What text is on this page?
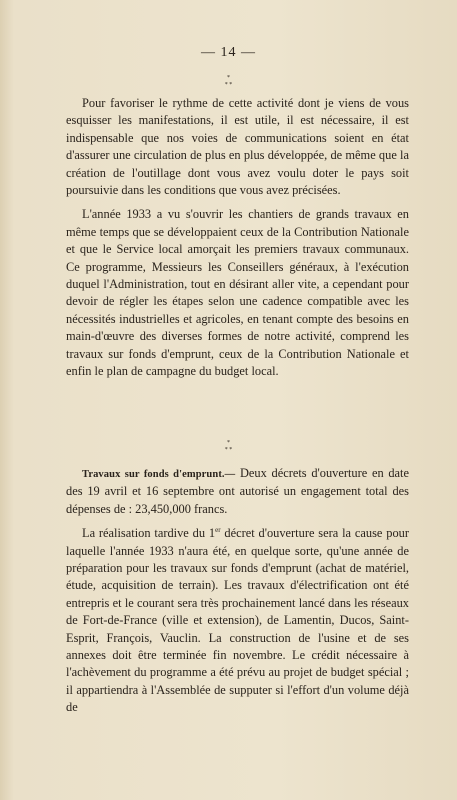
— 14 —
*
* *

Pour favoriser le rythme de cette activité dont je viens de vous esquisser les manifestations, il est utile, il est nécessaire, il est indispensable que nos voies de communications soient en état d'assurer une circulation de plus en plus développée, de même que la création de l'outillage dont vous avez voulu doter le pays soit poursuivie dans les conditions que vous avez précisées.

L'année 1933 a vu s'ouvrir les chantiers de grands travaux en même temps que se développaient ceux de la Contribution Nationale et que le Service local amorçait les premiers travaux communaux. Ce programme, Messieurs les Conseillers généraux, à l'exécution duquel l'Administration, tout en désirant aller vite, a cependant pour devoir de régler les étapes selon une cadence compatible avec les nécessités industrielles et agricoles, en tenant compte des besoins en main-d'œuvre des diverses formes de notre activité, comprend les travaux sur fonds d'emprunt, ceux de la Contribution Nationale et enfin le plan de campagne du budget local.

*
* *

Travaux sur fonds d'emprunt.— Deux décrets d'ouverture en date des 19 avril et 16 septembre ont autorisé un engagement total des dépenses de : 23,450,000 francs.

La réalisation tardive du 1er décret d'ouverture sera la cause pour laquelle l'année 1933 n'aura été, en quelque sorte, qu'une année de préparation pour les travaux sur fonds d'emprunt (achat de matériel, étude, acquisition de terrain). Les travaux d'électrification ont été entrepris et le courant sera très prochainement lancé dans les réseaux de Fort-de-France (ville et extension), de Lamentin, Ducos, Saint-Esprit, François, Vauclin. La construction de l'usine et de ses annexes doit être terminée fin novembre. Le crédit nécessaire à l'achèvement du programme a été prévu au projet de budget spécial ; il appartiendra à l'Assemblée de supputer si l'effort d'un volume déjà de
